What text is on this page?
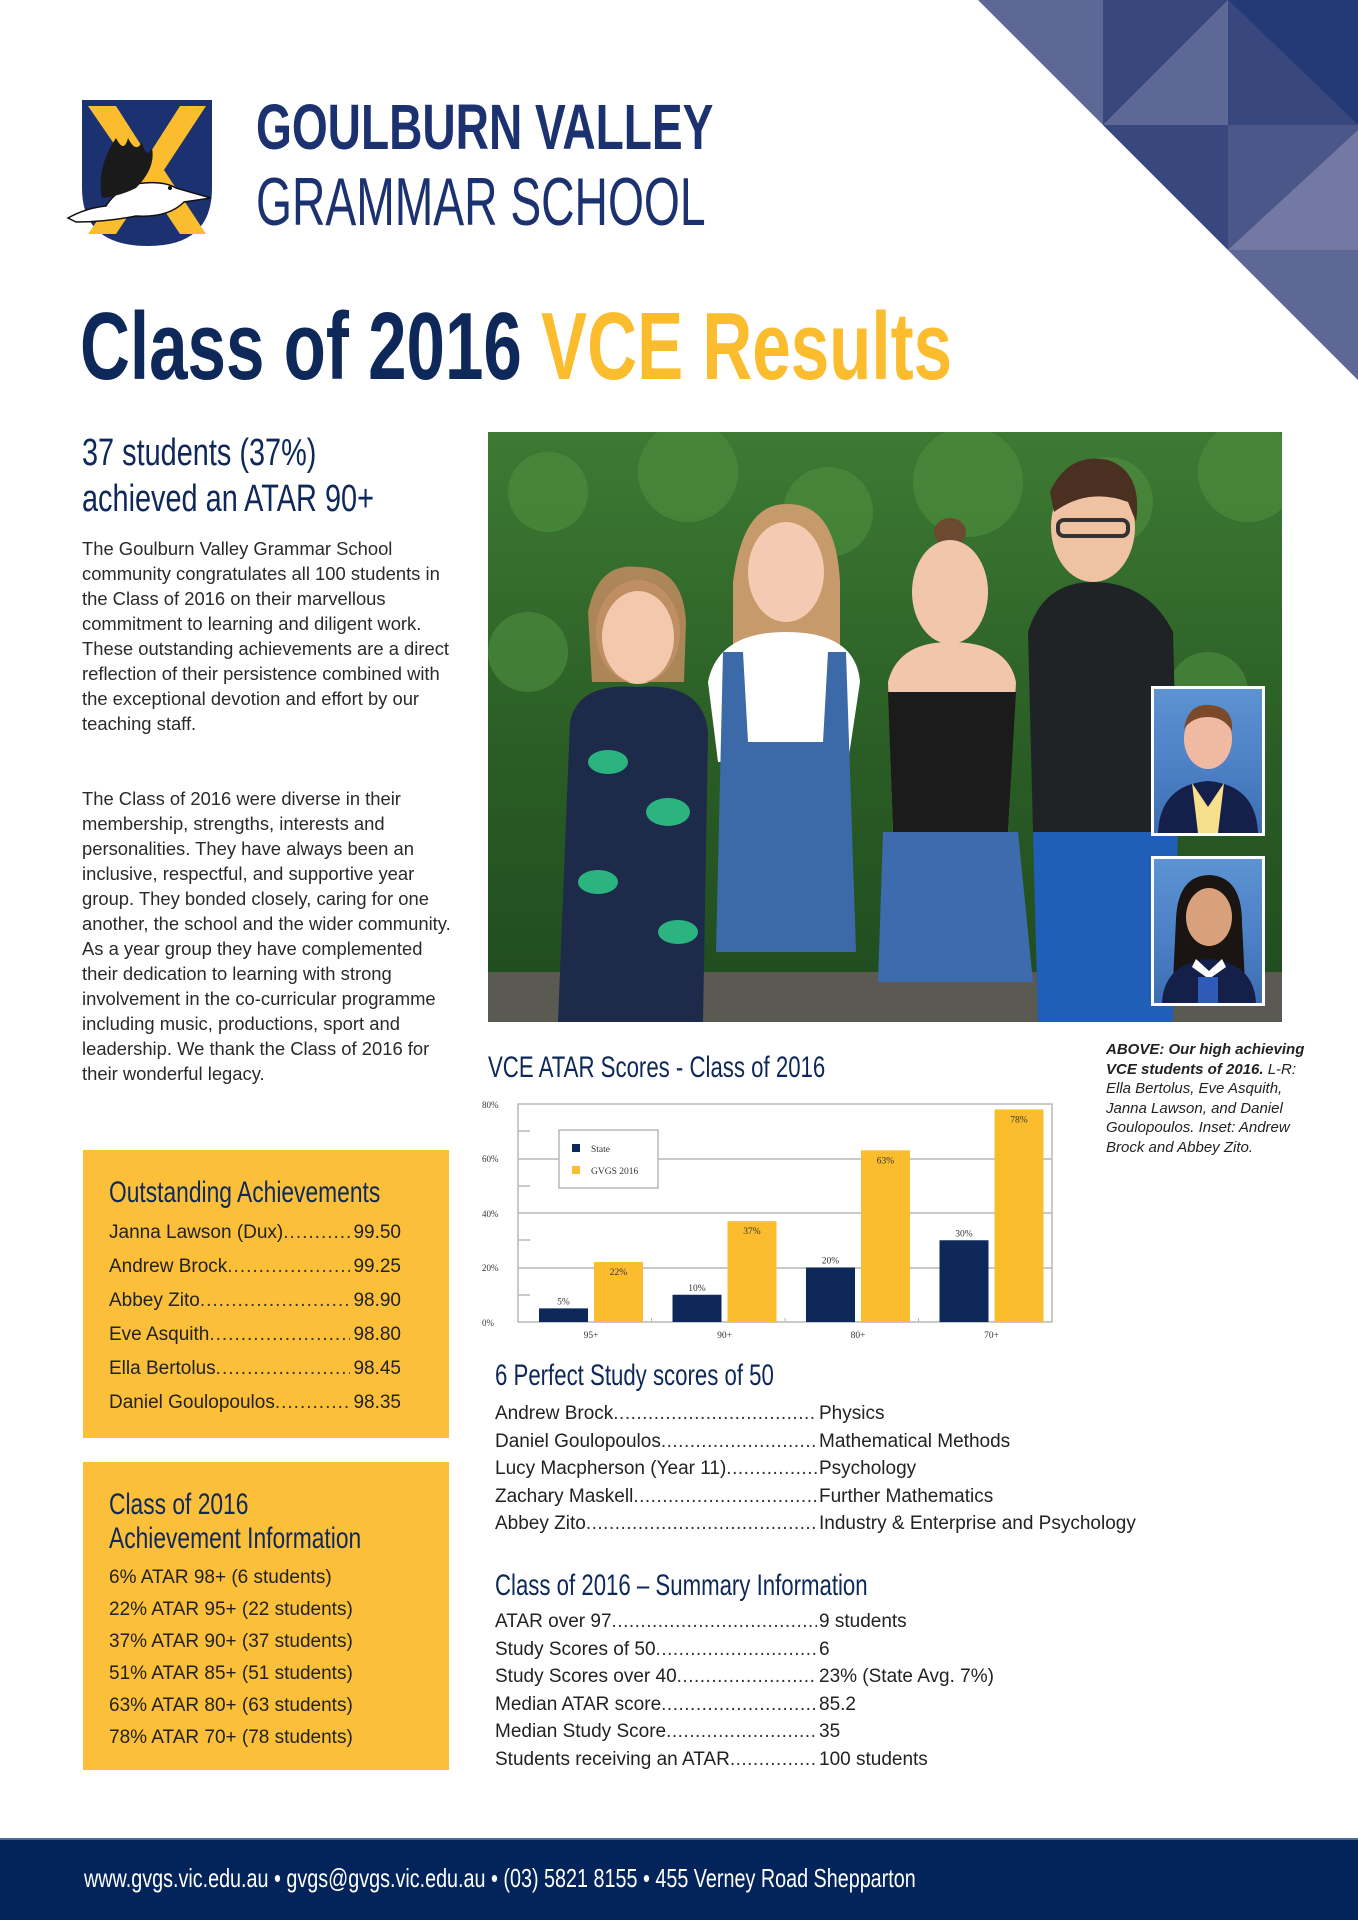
GOULBURN VALLEY
GRAMMAR SCHOOL
Class of 2016 VCE Results
37 students (37%)
achieved an ATAR 90+

The Goulburn Valley Grammar School community congratulates all 100 students in the Class of 2016 on their marvellous commitment to learning and diligent work. These outstanding achievements are a direct reflection of their persistence combined with the exceptional devotion and effort by our teaching staff.

The Class of 2016 were diverse in their membership, strengths, interests and personalities. They have always been an inclusive, respectful, and supportive year group. They bonded closely, caring for one another, the school and the wider community. As a year group they have complemented their dedication to learning with strong involvement in the co-curricular programme including music, productions, sport and leadership. We thank the Class of 2016 for their wonderful legacy.

Outstanding Achievements
Janna Lawson (Dux) .....	99.50
Andrew Brock .....	99.25
Abbey Zito .....	98.90
Eve Asquith .....	98.80
Ella Bertolus .....	98.45
Daniel Goulopoulos .....	98.35
Class of 2016
Achievement Information
6% ATAR 98+ (6 students)
22% ATAR 95+ (22 students)
37% ATAR 90+ (37 students)
51% ATAR 85+ (51 students)
63% ATAR 80+ (63 students)
78% ATAR 70+ (78 students)
ABOVE: Our high achieving VCE students of 2016. L-R: Ella Bertolus, Eve Asquith, Janna Lawson, and Daniel Goulopoulos. Inset: Andrew Brock and Abbey Zito.
VCE ATAR Scores - Class of 2016
80%
60%
40%
20%
0%
State
GVGS 2016
5%
22%
10%
37%
20%
63%
30%
78%
95+	90+	80+	70+
6 Perfect Study scores of 50
Andrew Brock .....	Physics
Daniel Goulopoulos .....	Mathematical Methods
Lucy Macpherson (Year 11) .....	Psychology
Zachary Maskell .....	Further Mathematics
Abbey Zito .....	Industry & Enterprise and Psychology
Class of 2016 – Summary Information
ATAR over 97 .....	9 students
Study Scores of 50 .....	6
Study Scores over 40 .....	23% (State Avg. 7%)
Median ATAR score .....	85.2
Median Study Score .....	35
Students receiving an ATAR .....	100 students
www.gvgs.vic.edu.au • gvgs@gvgs.vic.edu.au • (03) 5821 8155 • 455 Verney Road Shepparton
